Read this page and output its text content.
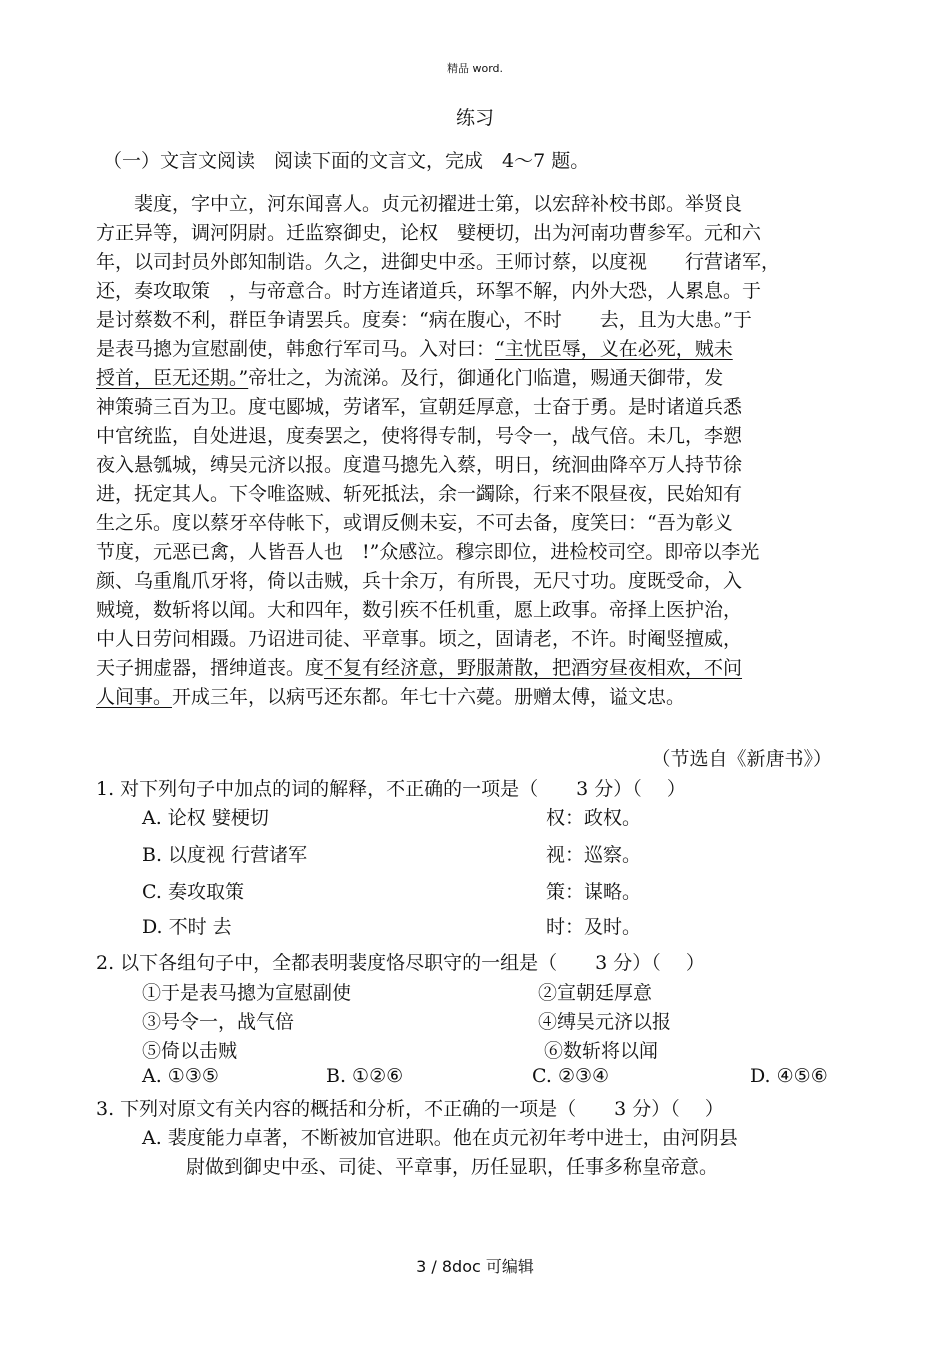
精品 word.
练习
（一）文言文阅读　阅读下面的文言文，完成　4～7 题。
　　裴度，字中立，河东闻喜人。贞元初擢进士第，以宏辞补校书郎。举贤良
方正异等，调河阴尉。迁监察御史，论权　嬖梗切，出为河南功曹参军。元和六
年，以司封员外郎知制诰。久之，进御史中丞。王师讨蔡，以度视　　行营诸军，
还，奏攻取策　，与帝意合。时方连诸道兵，环挐不解，内外大恐，人累息。于
是讨蔡数不利，群臣争请罢兵。度奏：“病在腹心，不时　　去，且为大患。”于
是表马摠为宣慰副使，韩愈行军司马。入对曰：“主忧臣辱，义在必死，贼未
授首，臣无还期。”帝壮之，为流涕。及行，御通化门临遣，赐通天御带，发
神策骑三百为卫。度屯郾城，劳诸军，宣朝廷厚意，士奋于勇。是时诸道兵悉
中官统监，自处进退，度奏罢之，使将得专制，号令一，战气倍。未几，李愬
夜入悬瓠城，缚吴元济以报。度遣马摠先入蔡，明日，统洄曲降卒万人持节徐
进，抚定其人。下令唯盗贼、斩死抵法，余一蠲除，行来不限昼夜，民始知有
生之乐。度以蔡牙卒侍帐下，或谓反侧未妄，不可去备，度笑曰：“吾为彰义
节度，元恶已禽，人皆吾人也　!”众感泣。穆宗即位，进检校司空。即帝以李光
颜、乌重胤爪牙将，倚以击贼，兵十余万，有所畏，无尺寸功。度既受命，入
贼境，数斩将以闻。大和四年，数引疾不任机重，愿上政事。帝择上医护治，
中人日劳问相蹑。乃诏进司徒、平章事。顷之，固请老，不许。时阉竖擅威，
天子拥虚器，搢绅道丧。度不复有经济意，野服萧散，把酒穷昼夜相欢，不问
人间事。开成三年，以病丐还东都。年七十六薨。册赠太傅，谥文忠。
（节选自《新唐书》）
1. 对下列句子中加点的词的解释，不正确的一项是（　　3 分）（　 ）
A. 论权 嬖梗切	权：政权。
B. 以度视 行营诸军	视：巡察。
C. 奏攻取策	策：谋略。
D. 不时 去	时：及时。
2. 以下各组句子中，全都表明裴度恪尽职守的一组是（　　3 分）（　 ）
①于是表马摠为宣慰副使	②宣朝廷厚意
③号令一，战气倍	④缚吴元济以报
⑤倚以击贼	⑥数斩将以闻
A. ①③⑤	B. ①②⑥	C. ②③④	D. ④⑤⑥
3. 下列对原文有关内容的概括和分析，不正确的一项是（　　3 分）（　 ）
A. 裴度能力卓著，不断被加官进职。他在贞元初年考中进士，由河阴县
尉做到御史中丞、司徒、平章事，历任显职，任事多称皇帝意。
3 / 8doc 可编辑
